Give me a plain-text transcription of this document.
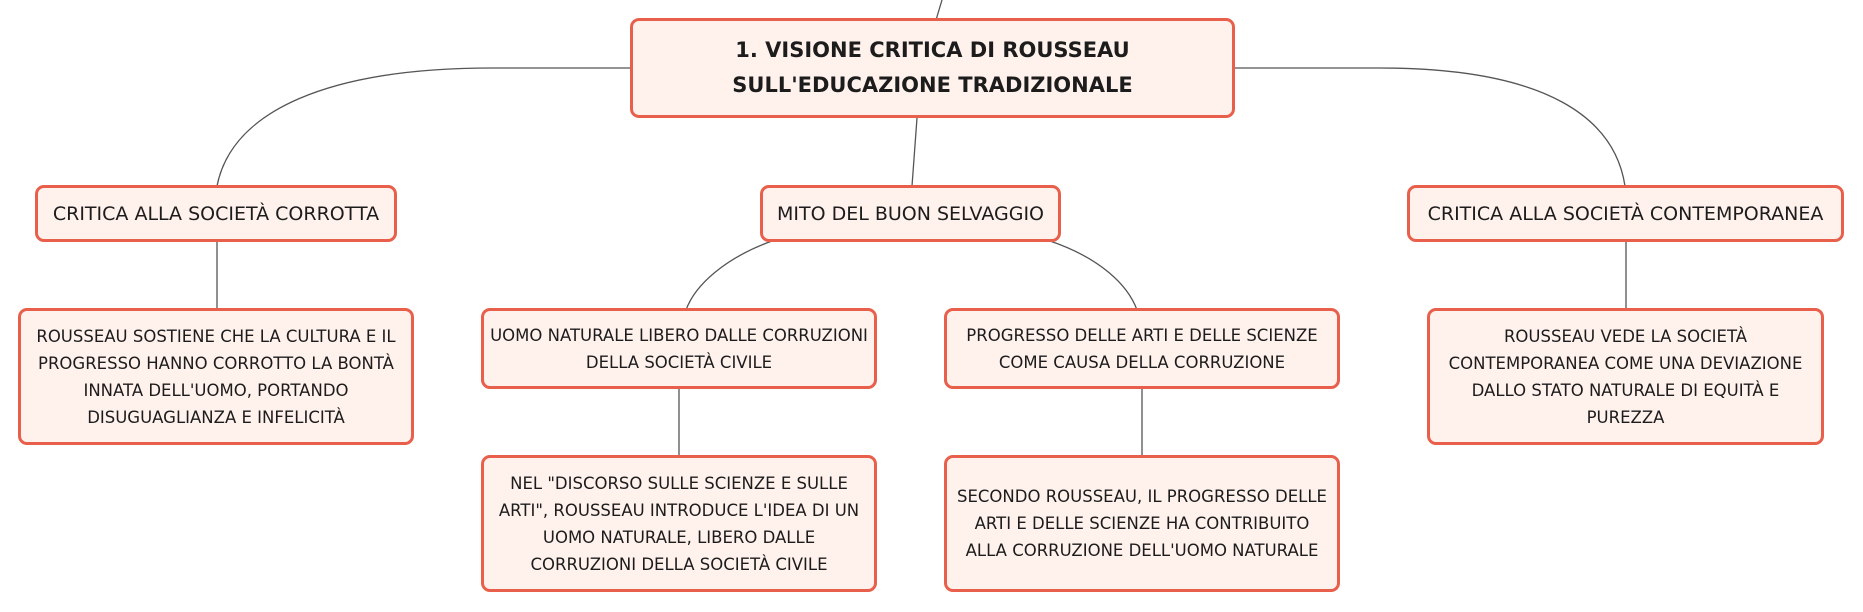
1. VISIONE CRITICA DI ROUSSEAU SULL'EDUCAZIONE TRADIZIONALE
CRITICA ALLA SOCIETÀ CORROTTA	MITO DEL BUON SELVAGGIO	CRITICA ALLA SOCIETÀ CONTEMPORANEA
ROUSSEAU SOSTIENE CHE LA CULTURA E IL PROGRESSO HANNO CORROTTO LA BONTÀ INNATA DELL'UOMO, PORTANDO DISUGUAGLIANZA E INFELICITÀ
UOMO NATURALE LIBERO DALLE CORRUZIONI DELLA SOCIETÀ CIVILE
PROGRESSO DELLE ARTI E DELLE SCIENZE COME CAUSA DELLA CORRUZIONE
ROUSSEAU VEDE LA SOCIETÀ CONTEMPORANEA COME UNA DEVIAZIONE DALLO STATO NATURALE DI EQUITÀ E PUREZZA
NEL "DISCORSO SULLE SCIENZE E SULLE ARTI", ROUSSEAU INTRODUCE L'IDEA DI UN UOMO NATURALE, LIBERO DALLE CORRUZIONI DELLA SOCIETÀ CIVILE
SECONDO ROUSSEAU, IL PROGRESSO DELLE ARTI E DELLE SCIENZE HA CONTRIBUITO ALLA CORRUZIONE DELL'UOMO NATURALE
